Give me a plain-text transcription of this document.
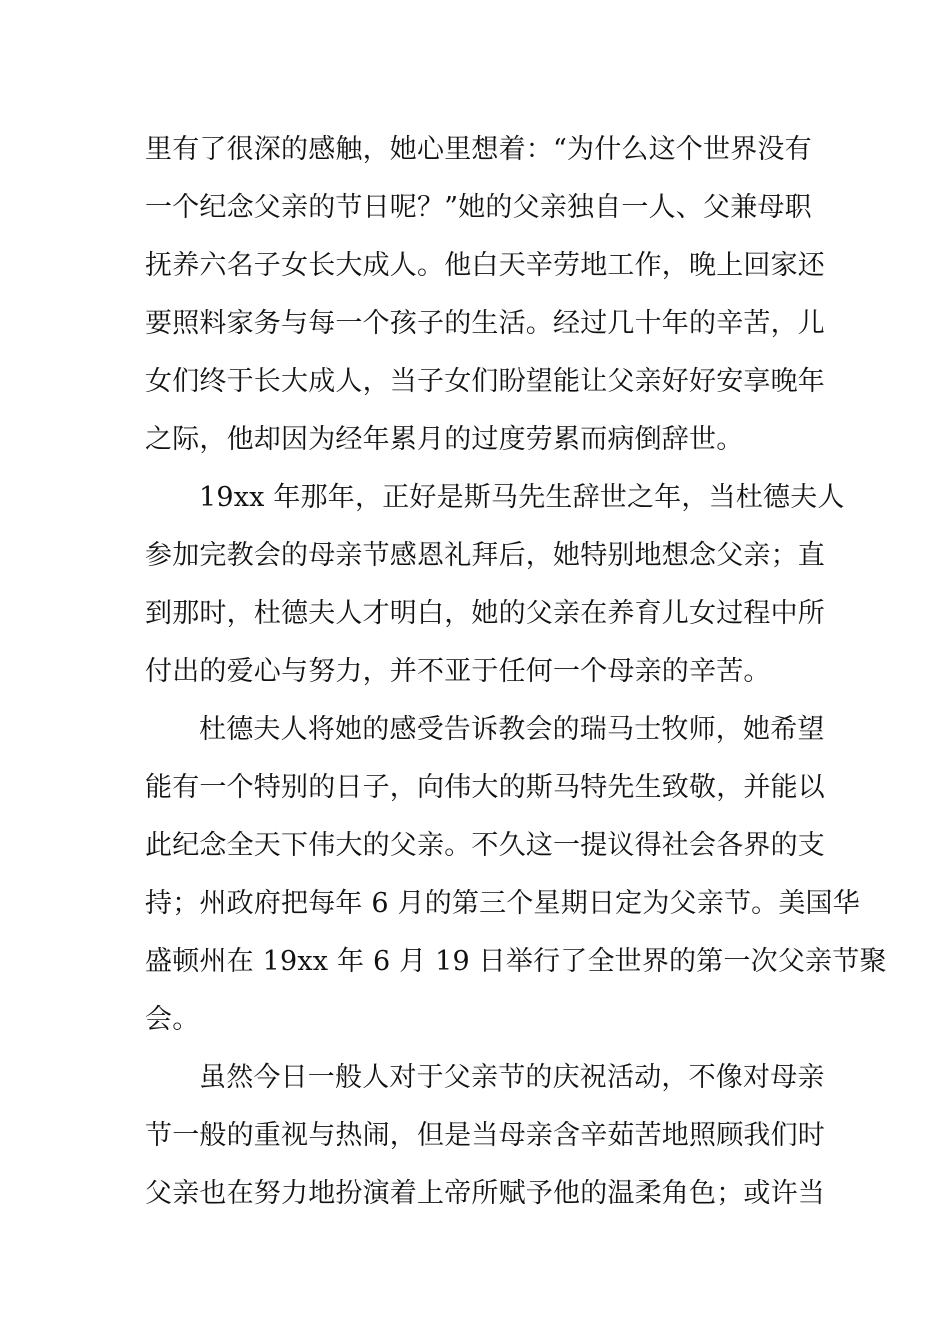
里有了很深的感触，她心里想着：“为什么这个世界没有
一个纪念父亲的节日呢？”她的父亲独自一人、父兼母职
抚养六名子女长大成人。他白天辛劳地工作，晚上回家还
要照料家务与每一个孩子的生活。经过几十年的辛苦，儿
女们终于长大成人，当子女们盼望能让父亲好好安享晚年
之际，他却因为经年累月的过度劳累而病倒辞世。
19xx 年那年，正好是斯马先生辞世之年，当杜德夫人
参加完教会的母亲节感恩礼拜后，她特别地想念父亲；直
到那时，杜德夫人才明白，她的父亲在养育儿女过程中所
付出的爱心与努力，并不亚于任何一个母亲的辛苦。
杜德夫人将她的感受告诉教会的瑞马士牧师，她希望
能有一个特别的日子，向伟大的斯马特先生致敬，并能以
此纪念全天下伟大的父亲。不久这一提议得社会各界的支
持；州政府把每年 6 月的第三个星期日定为父亲节。美国华
盛顿州在 19xx 年 6 月 19 日举行了全世界的第一次父亲节聚
会。
虽然今日一般人对于父亲节的庆祝活动，不像对母亲
节一般的重视与热闹，但是当母亲含辛茹苦地照顾我们时
父亲也在努力地扮演着上帝所赋予他的温柔角色；或许当
